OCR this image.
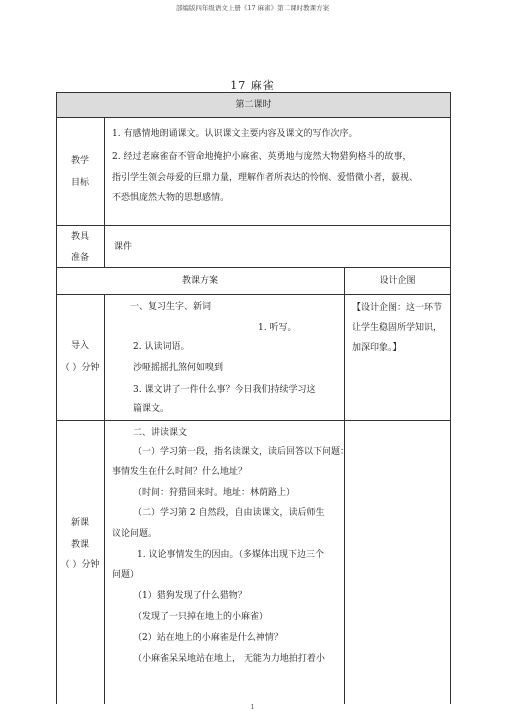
部编版四年级语文上册《17 麻雀》第二课时教课方案
17 麻雀
第二课时
教学
目标
1. 有感情地朗诵课文。认识课文主要内容及课文的写作次序。
2. 经过老麻雀奋不管命地掩护小麻雀、英勇地与庞然大物猎狗格斗的故事，
指引学生领会母爱的巨鼎力量，理解作者所表达的怜悯、爱惜微小者，藐视、
不恐惧庞然大物的思想感情。
教具
准备
课件
教课方案	设计企图
导入
（ ）分钟
一、复习生字、新词
1. 听写。
2. 认读词语。
沙哑摇摇扎煞何如嗅到
3. 课文讲了一件什么事？今日我们持续学习这
篇课文。
【设计企图：这一环节
让学生稳固所学知识，
加深印象。】
新课
教课
（ ）分钟
二、讲读课文
（一）学习第一段，指名读课文，读后回答以下问题：
事情发生在什么时间？什么地址？
（时间：狩猎回来时。地址：林荫路上）
（二）学习第 2 自然段，自由读课文，读后师生
议论问题。
1. 议论事情发生的因由。（多媒体出现下边三个
问题）
（1）猎狗发现了什么猎物？
（发现了一只掉在地上的小麻雀）
（2）站在地上的小麻雀是什么神情？
（小麻雀呆呆地站在地上， 无能为力地拍打着小
1
